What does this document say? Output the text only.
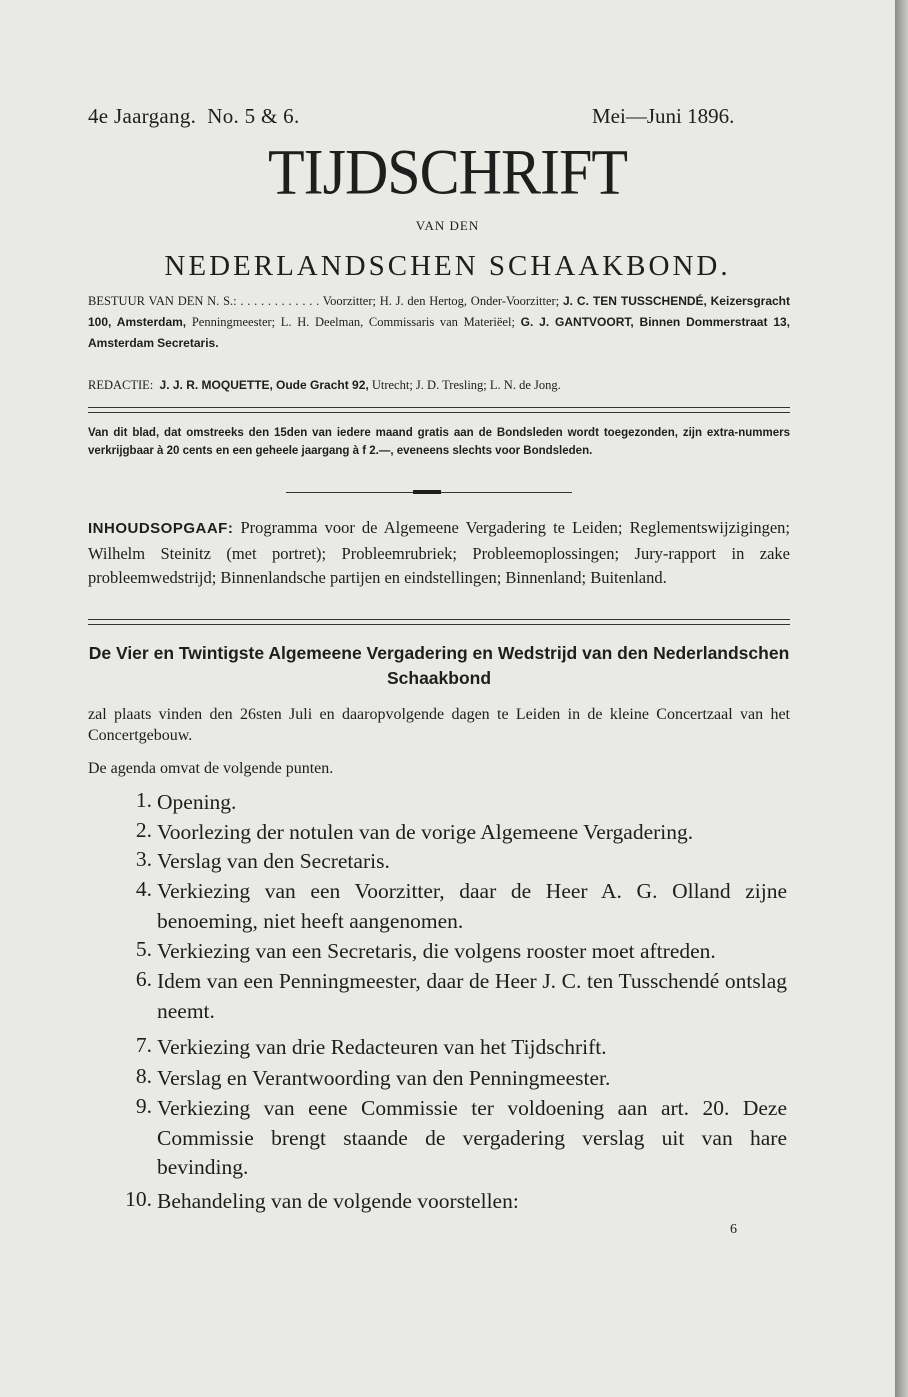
4e Jaargang. No. 5 & 6.	Mei—Juni 1896.
TIJDSCHRIFT
VAN DEN
NEDERLANDSCHEN SCHAAKBOND.
BESTUUR VAN DEN N. S.: . . . . . . . . . . . . Voorzitter; H. J. den Hertog, Onder-Voorzitter; J. C. TEN TUSSCHENDÉ, Keizersgracht 100, Amsterdam, Penningmeester; L. H. Deelman, Commissaris van Materiëel; G. J. GANTVOORT, Binnen Dommerstraat 13, Amsterdam Secretaris.
REDACTIE: J. J. R. MOQUETTE, Oude Gracht 92, Utrecht; J. D. Tresling; L. N. de Jong.
Van dit blad, dat omstreeks den 15den van iedere maand gratis aan de Bondsleden wordt toegezonden, zijn extra-nummers verkrijgbaar à 20 cents en een geheele jaargang à f 2.—, eveneens slechts voor Bondsleden.
INHOUDSOPGAAF: Programma voor de Algemeene Vergadering te Leiden; Reglementswijzigingen; Wilhelm Steinitz (met portret); Probleemrubriek; Probleemoplossingen; Jury-rapport in zake probleemwedstrijd; Binnenlandsche partijen en eindstellingen; Binnenland; Buitenland.
De Vier en Twintigste Algemeene Vergadering en Wedstrijd van den Nederlandschen Schaakbond
zal plaats vinden den 26sten Juli en daaropvolgende dagen te Leiden in de kleine Concertzaal van het Concertgebouw.
De agenda omvat de volgende punten.
1. Opening.
2. Voorlezing der notulen van de vorige Algemeene Vergadering.
3. Verslag van den Secretaris.
4. Verkiezing van een Voorzitter, daar de Heer A. G. Olland zijne benoeming, niet heeft aangenomen.
5. Verkiezing van een Secretaris, die volgens rooster moet aftreden.
6. Idem van een Penningmeester, daar de Heer J. C. ten Tusschendé ontslag neemt.
7. Verkiezing van drie Redacteuren van het Tijdschrift.
8. Verslag en Verantwoording van den Penningmeester.
9. Verkiezing van eene Commissie ter voldoening aan art. 20. Deze Commissie brengt staande de vergadering verslag uit van hare bevinding.
10. Behandeling van de volgende voorstellen:
6
